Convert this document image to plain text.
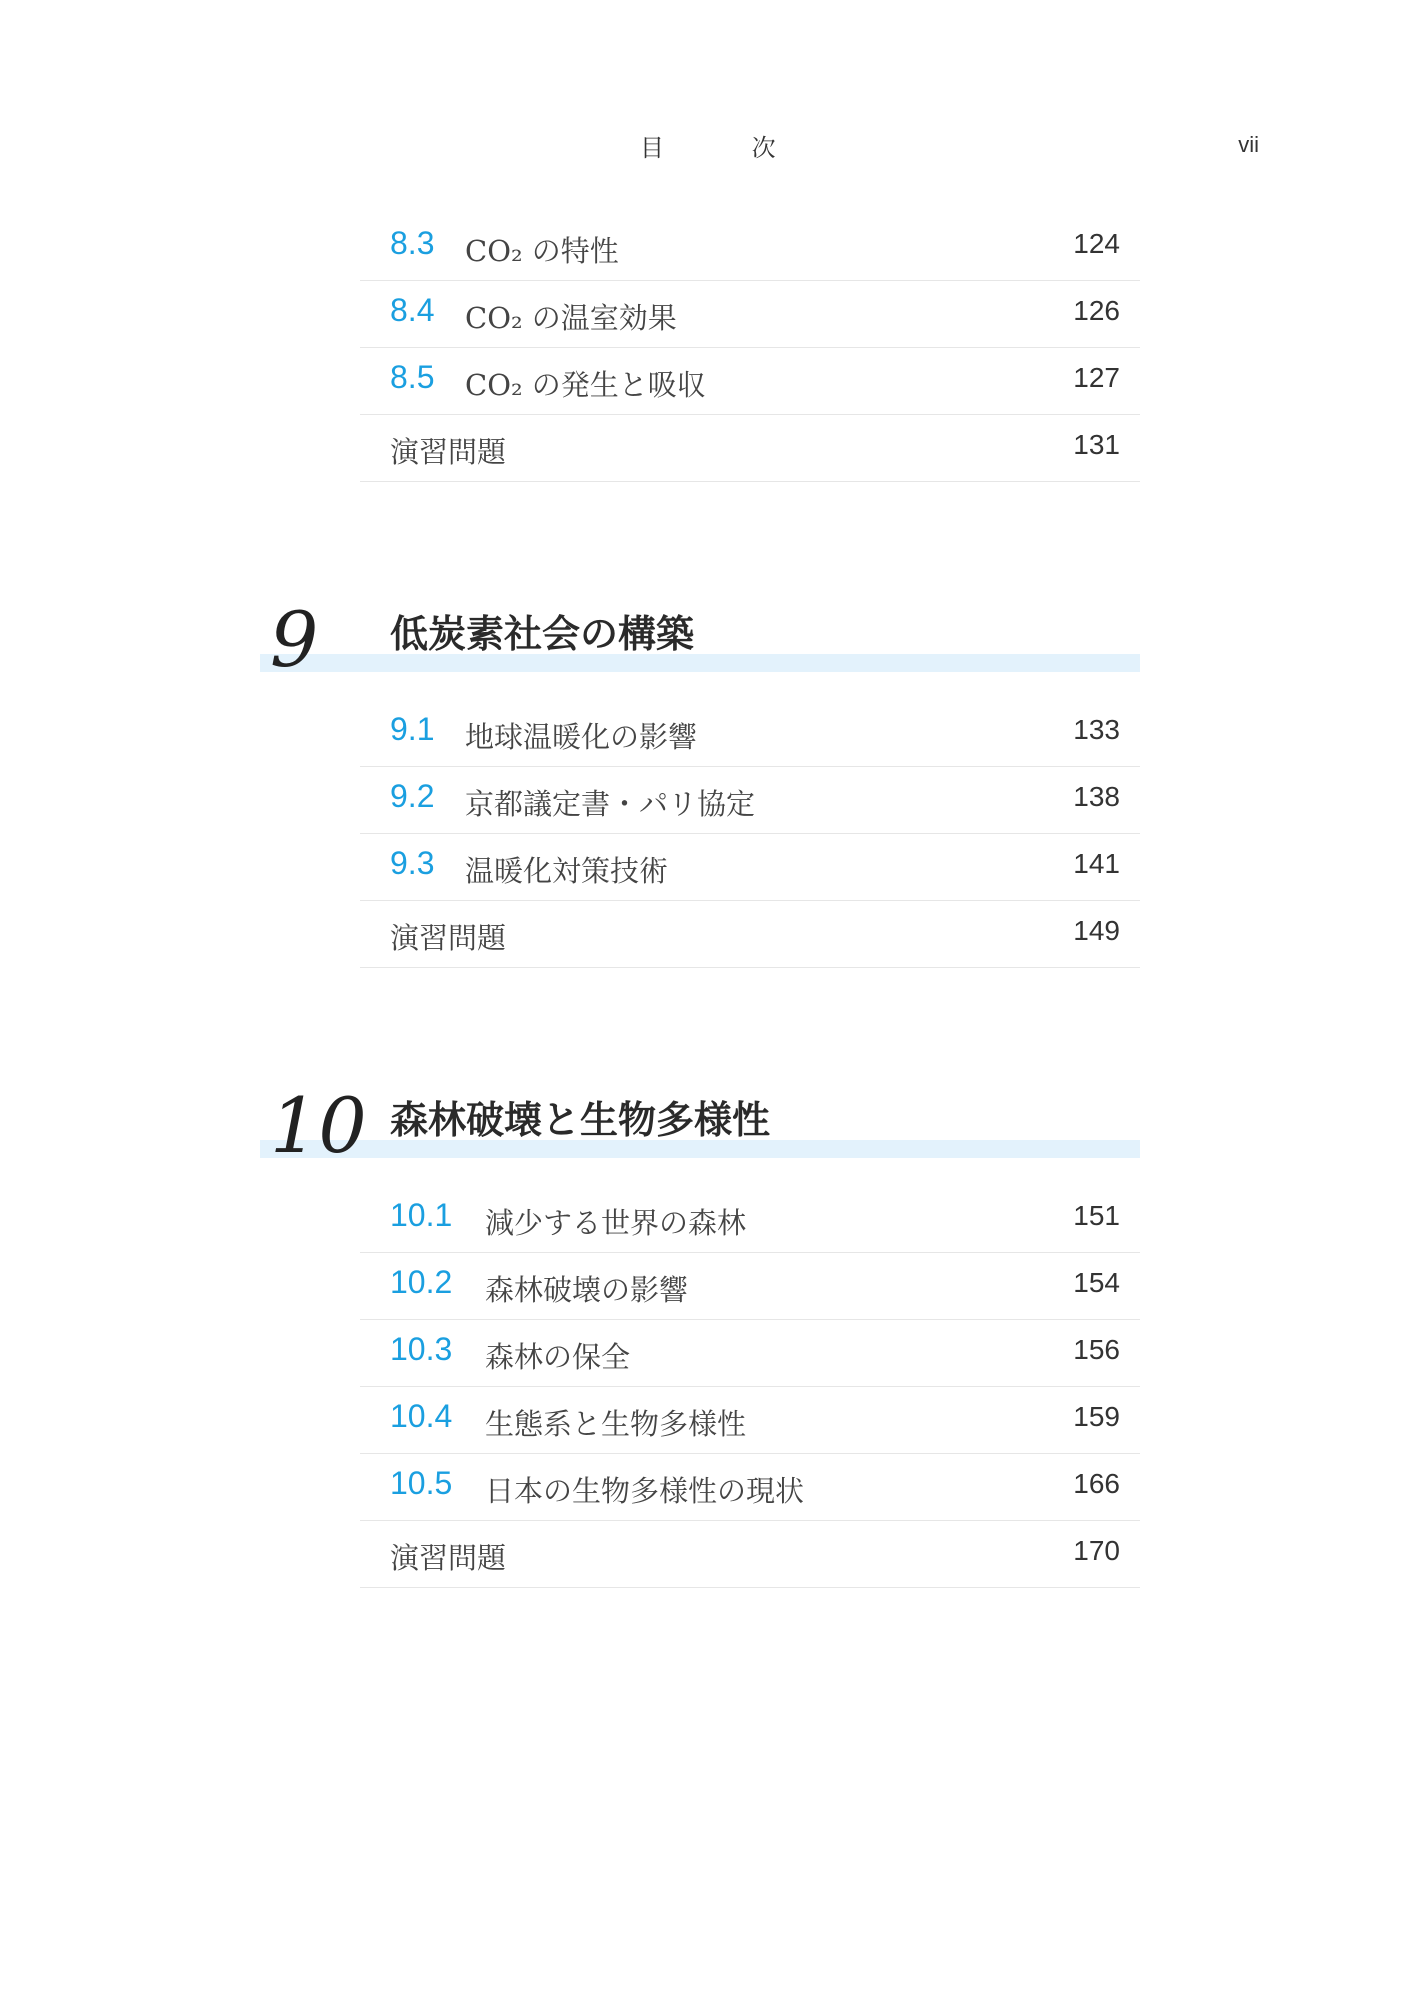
目 次	vii
8.3 CO₂ の特性	124
8.4 CO₂ の温室効果	126
8.5 CO₂ の発生と吸収	127
演習問題	131
9 低炭素社会の構築
9.1 地球温暖化の影響	133
9.2 京都議定書・パリ協定	138
9.3 温暖化対策技術	141
演習問題	149
10 森林破壊と生物多様性
10.1 減少する世界の森林	151
10.2 森林破壊の影響	154
10.3 森林の保全	156
10.4 生態系と生物多様性	159
10.5 日本の生物多様性の現状	166
演習問題	170
